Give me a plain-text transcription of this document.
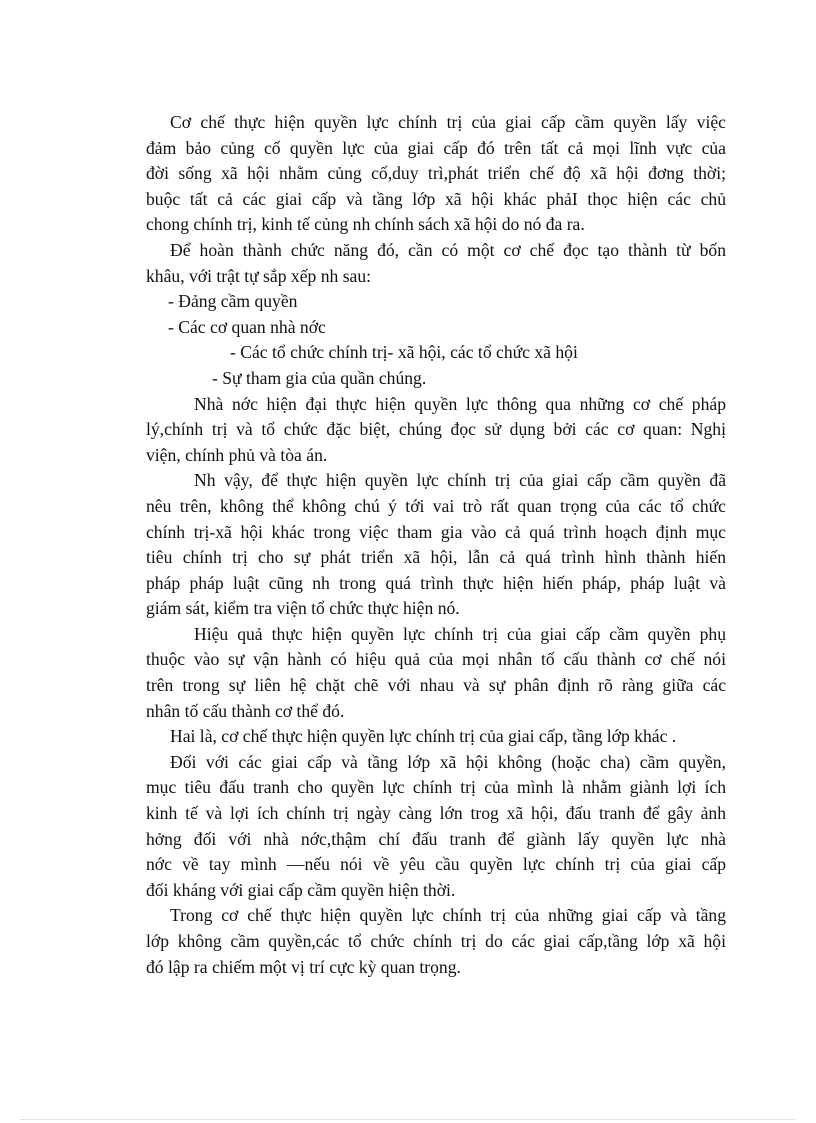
Cơ chế thực hiện quyền lực chính trị của giai cấp cầm quyền lấy việc
đảm bảo củng cố quyền lực của giai cấp đó trên tất cả mọi lĩnh vực của
đời sống xã hội nhằm củng cố,duy trì,phát triển chế độ xã hội đơng thời;
buộc tất cả các giai cấp và tầng lớp xã hội khác phảI thọc hiện các chủ
chong chính trị, kinh tế củng nh chính sách xã hội do nó đa ra.
Để hoàn thành chức năng đó, cần có một cơ chế đọc tạo thành từ bốn
khâu, với trật tự sắp xếp nh sau:
- Đảng cầm quyền
- Các cơ quan nhà nớc
- Các tổ chức chính trị- xã hội, các tổ chức xã hội
- Sự tham gia của quần chúng.
Nhà nớc hiện đại thực hiện quyền lực thông qua những cơ chế pháp
lý,chính trị và tổ chức đặc biệt, chúng đọc sử dụng bởi các cơ quan: Nghị
viện, chính phủ và tòa án.
Nh vậy, để thực hiện quyền lực chính trị của giai cấp cầm quyền đã
nêu trên, không thể không chú ý tới vai trò rất quan trọng của các tổ chức
chính trị-xã hội khác trong việc tham gia vào cả quá trình hoạch định mục
tiêu chính trị cho sự phát triển xã hội, lẫn cả quá trình hình thành hiến
pháp pháp luật cũng nh trong quá trình thực hiện hiến pháp, pháp luật và
giám sát, kiểm tra viện tổ chức thực hiện nó.
Hiệu quả thực hiện quyền lực chính trị của giai cấp cầm quyền phụ
thuộc vào sự vận hành có hiệu quả của mọi nhân tố cấu thành cơ chế nói
trên trong sự liên hệ chặt chẽ với nhau và sự phân định rõ ràng giữa các
nhân tố cấu thành cơ thể đó.
Hai là, cơ chế thực hiện quyền lực chính trị của giai cấp, tầng lớp khác .
Đối với các giai cấp và tầng lớp xã hội không (hoặc cha) cầm quyền,
mục tiêu đấu tranh cho quyền lực chính trị của mình là nhằm giành lợi ích
kinh tế và lợi ích chính trị ngày càng lớn trog xã hội, đấu tranh để gây ảnh
hởng đối với nhà nớc,thậm chí đấu tranh để giành lấy quyền lực nhà
nớc về tay mình —nếu nói về yêu cầu quyền lực chính trị của giai cấp
đối kháng với giai cấp cầm quyền hiện thời.
Trong cơ chế thực hiện quyền lực chính trị của những giai cấp và tầng
lớp không cầm quyền,các tổ chức chính trị do các giai cấp,tầng lớp xã hội
đó lập ra chiếm một vị trí cực kỳ quan trọng.
